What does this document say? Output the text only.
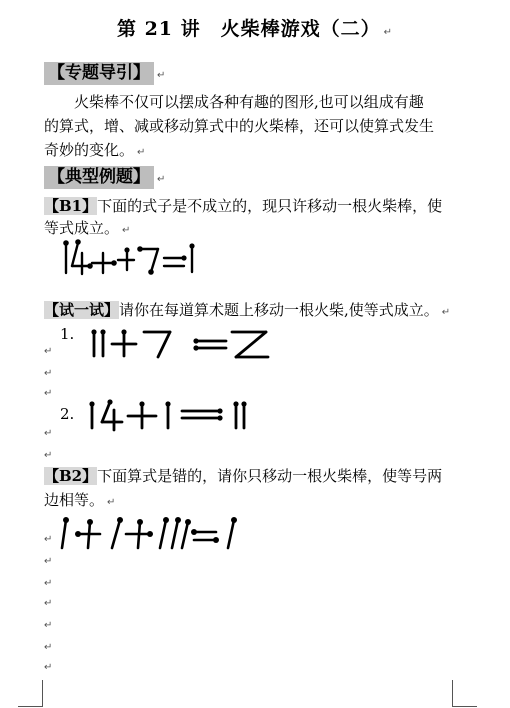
第 21 讲　火柴棒游戏（二） ↵
【专题导引】 ↵
火柴棒不仅可以摆成各种有趣的图形,也可以组成有趣
的算式，增、减或移动算式中的火柴棒，还可以使算式发生
奇妙的变化。 ↵
【典型例题】 ↵
【B1】下面的式子是不成立的，现只许移动一根火柴棒，使
等式成立。 ↵
【试一试】请你在每道算术题上移动一根火柴,使等式成立。 ↵
1.
↵
↵
↵
2.
↵
↵
【B2】下面算式是错的，请你只移动一根火柴棒，使等号两
边相等。 ↵
↵
↵
↵
↵
↵
↵
↵
